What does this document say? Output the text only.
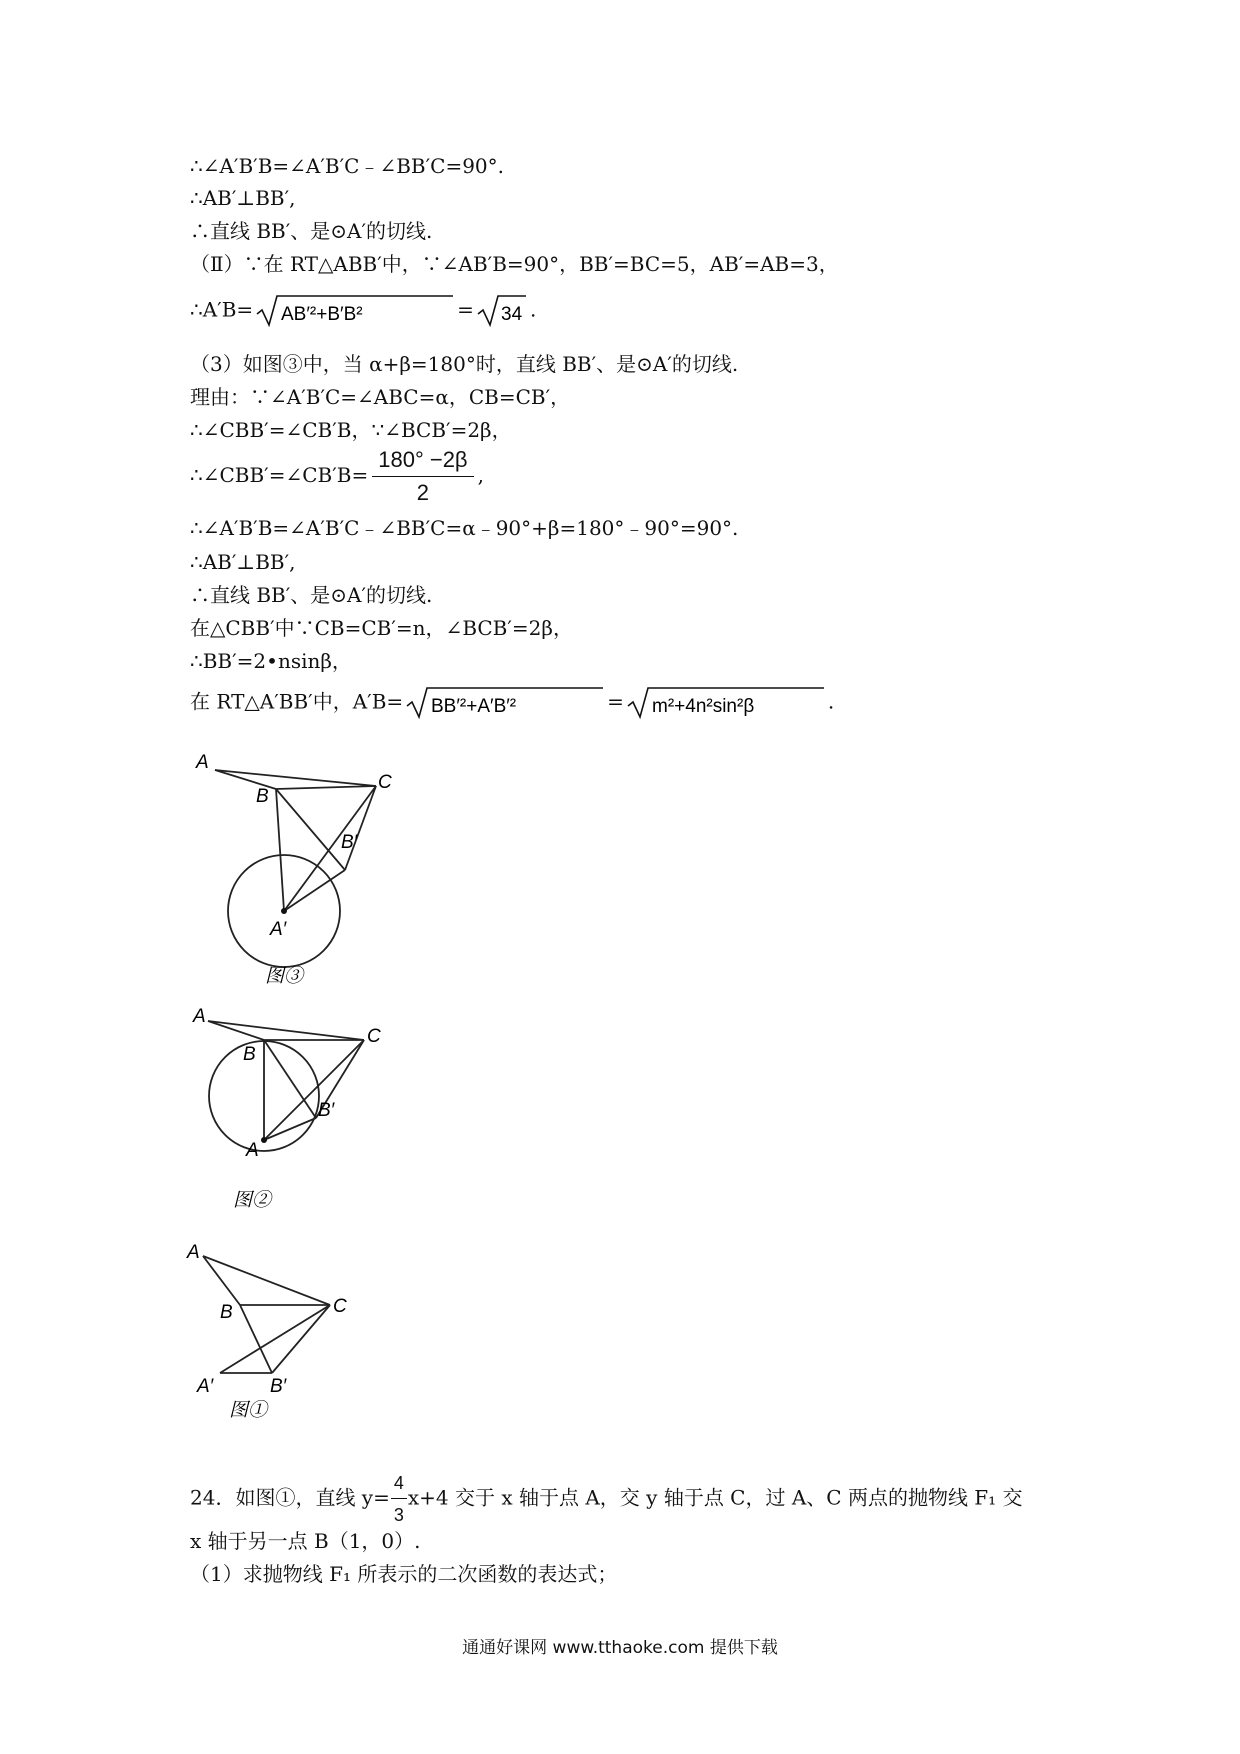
∴∠A′B′B=∠A′B′C﹣∠BB′C=90°.
∴AB′⊥BB′,
∴直线 BB′、是⊙A′的切线.
（Ⅱ）∵在 RT△ABB′中，∵∠AB′B=90°，BB′=BC=5，AB′=AB=3，
∴A′B= AB′²+B′B²	= 34 .
（3）如图③中，当 α+β=180°时，直线 BB′、是⊙A′的切线.
理由：∵∠A′B′C=∠ABC=α，CB=CB′，
∴∠CBB′=∠CB′B，∵∠BCB′=2β，
∴∠CBB′=∠CB′B= $\frac{180^\circ -2\beta}{2}$ ,
∴∠A′B′B=∠A′B′C﹣∠BB′C=α﹣90°+β=180°﹣90°=90°.
∴AB′⊥BB′,
∴直线 BB′、是⊙A′的切线.
在△CBB′中∵CB=CB′=n，∠BCB′=2β，
∴BB′=2•nsinβ，
在 RT△A′BB′中，A′B= BB′²+A′B′²	= m²+4n²sin²β	.
A
B
C
B′
A′
图③
A
B
C
B′
A
图②
A
B	C
A′	B′
图①
24．如图①，直线 $y= \frac{4}{3} x+4$ 交于 x 轴于点 A，交 y 轴于点 C，过 A、C 两点的抛物线 F₁ 交
x 轴于另一点 B（1，0）.
（1）求抛物线 F₁ 所表示的二次函数的表达式；
通通好课网 www.tthaoke.com 提供下载
